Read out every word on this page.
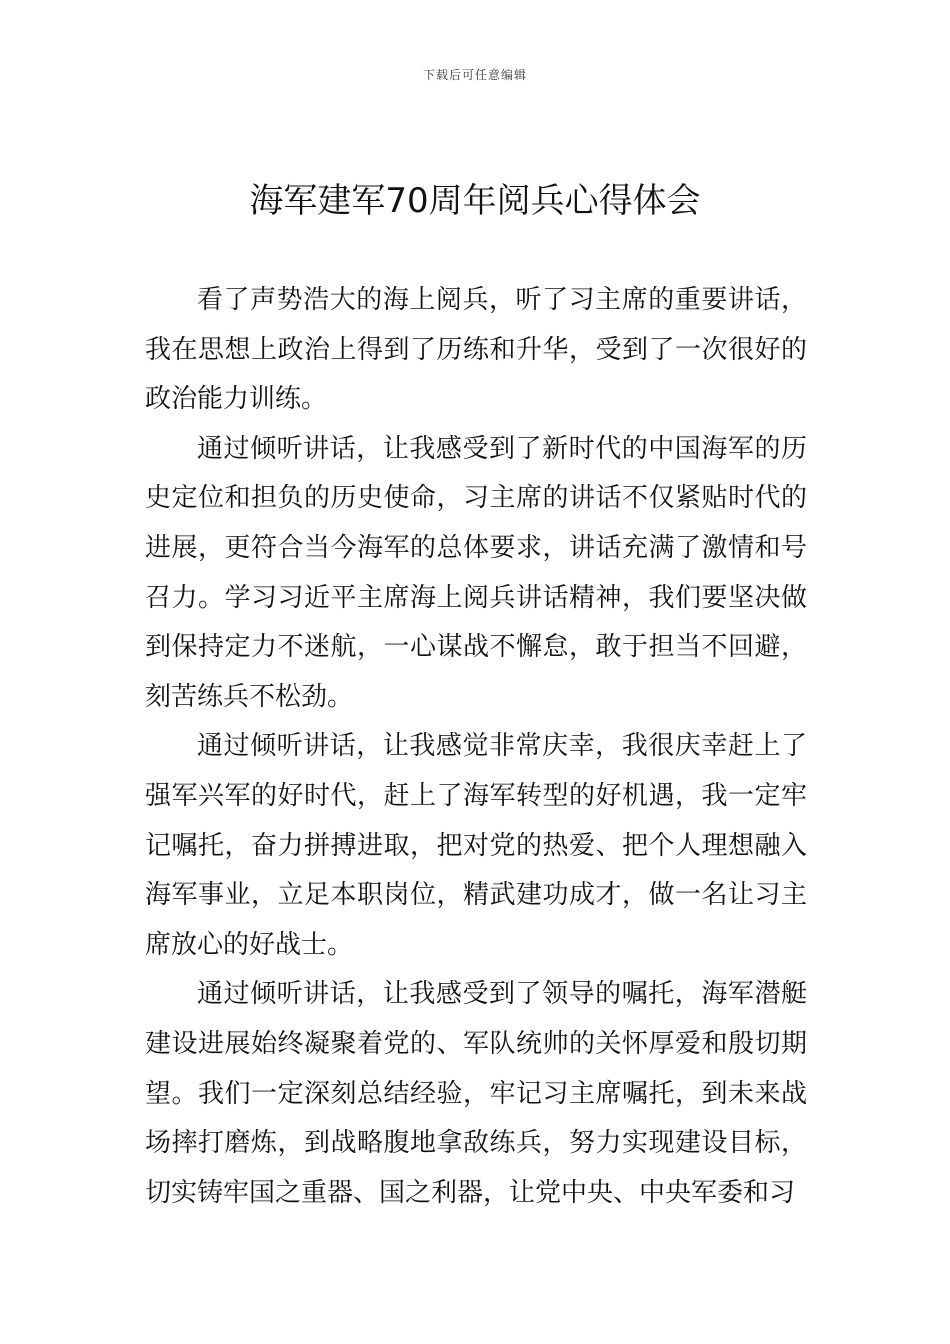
下载后可任意编辑
海军建军70周年阅兵心得体会

看了声势浩大的海上阅兵，听了习主席的重要讲话，我在思想上政治上得到了历练和升华，受到了一次很好的政治能力训练。

通过倾听讲话，让我感受到了新时代的中国海军的历史定位和担负的历史使命，习主席的讲话不仅紧贴时代的进展，更符合当今海军的总体要求，讲话充满了激情和号召力。学习习近平主席海上阅兵讲话精神，我们要坚决做到保持定力不迷航，一心谋战不懈怠，敢于担当不回避，刻苦练兵不松劲。

通过倾听讲话，让我感觉非常庆幸，我很庆幸赶上了强军兴军的好时代，赶上了海军转型的好机遇，我一定牢记嘱托，奋力拼搏进取，把对党的热爱、把个人理想融入海军事业，立足本职岗位，精武建功成才，做一名让习主席放心的好战士。

通过倾听讲话，让我感受到了领导的嘱托，海军潜艇建设进展始终凝聚着党的、军队统帅的关怀厚爱和殷切期望。我们一定深刻总结经验，牢记习主席嘱托，到未来战场摔打磨炼，到战略腹地拿敌练兵，努力实现建设目标，切实铸牢国之重器、国之利器，让党中央、中央军委和习
